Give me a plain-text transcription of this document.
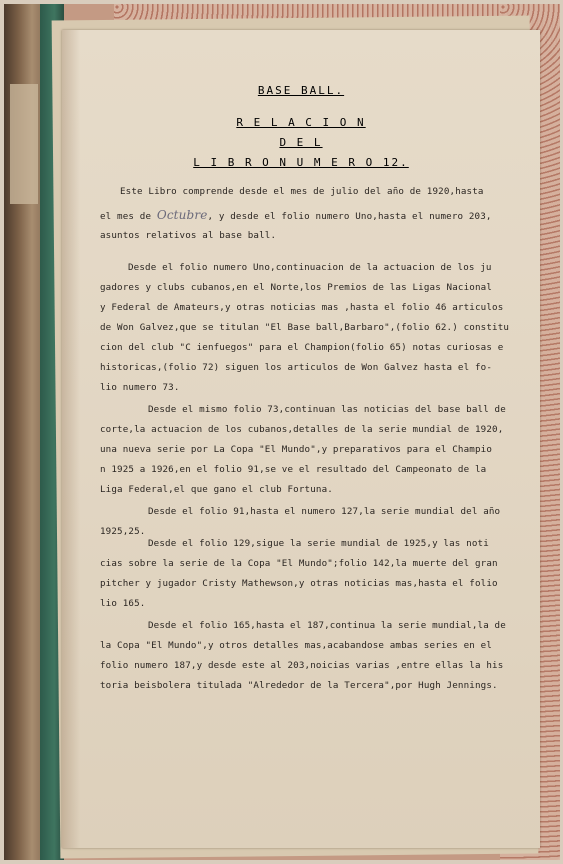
BASE BALL.
R E L A C I O N
D E L
L I B R O N U M E R O 12.
Este Libro comprende desde el mes de julio del año de 1920,hasta
el mes de Octubre, y desde el folio numero Uno,hasta el numero 203,
asuntos relativos al base ball.
Desde el folio numero Uno,continuacion de la actuacion de los ju
gadores y clubs cubanos,en el Norte,los Premios de las Ligas Nacional
y Federal de Amateurs,y otras noticias mas ,hasta el folio 46 articulos
de Won Galvez,que se titulan "El Base ball,Barbaro",(folio 62.) constitu
cion del club "C ienfuegos" para el Champion(folio 65) notas curiosas e
historicas,(folio 72) siguen los articulos de Won Galvez hasta el fo-
lio numero 73.
Desde el mismo folio 73,continuan las noticias del base ball de
corte,la actuacion de los cubanos,detalles de la serie mundial de 1920,
una nueva serie por La Copa "El Mundo",y preparativos para el Champio
n 1925 a 1926,en el folio 91,se ve el resultado del Campeonato de la
Liga Federal,el que gano el club Fortuna.
Desde el folio 91,hasta el numero 127,la serie mundial del año
1925,25.
Desde el folio 129,sigue la serie mundial de 1925,y las noti
cias sobre la serie de la Copa "El Mundo";folio 142,la muerte del gran
pitcher y jugador Cristy Mathewson,y otras noticias mas,hasta el folio
lio 165.
Desde el folio 165,hasta el 187,continua la serie mundial,la de
la Copa "El Mundo",y otros detalles mas,acabandose ambas series en el
folio numero 187,y desde este al 203,noicias varias ,entre ellas la his
toria beisbolera titulada "Alrededor de la Tercera",por Hugh Jennings.
